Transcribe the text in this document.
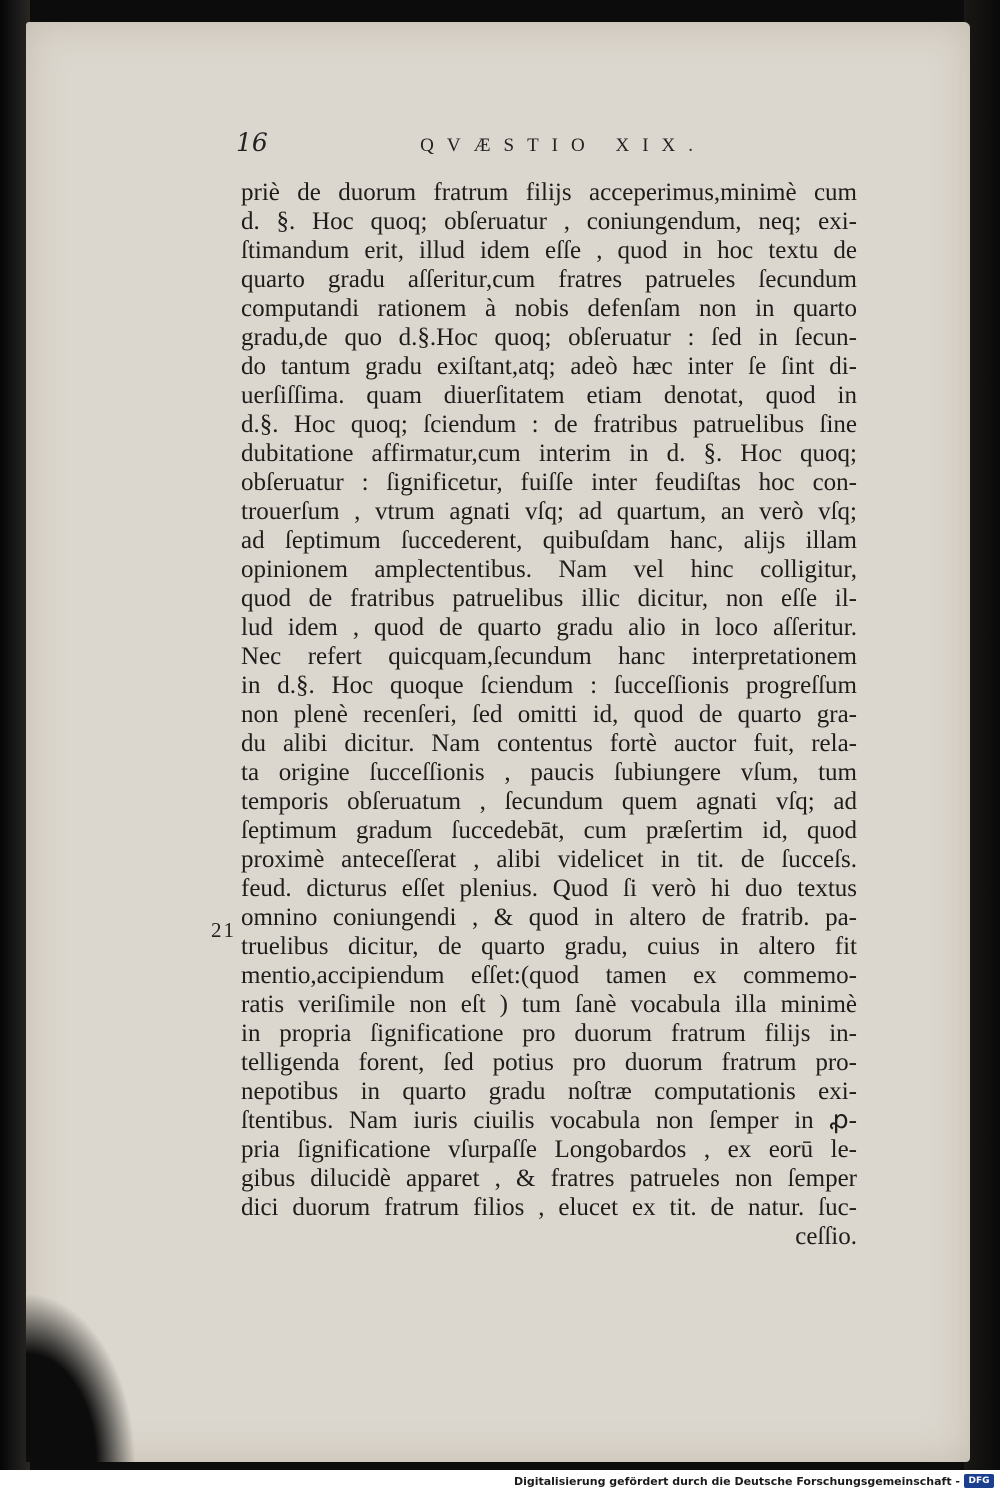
16	QVÆSTIO XIX.
21
priè de duorum fratrum filijs acceperimus,minimè cum
d. §. Hoc quoq; obſeruatur , coniungendum, neq; exi-
ſtimandum erit, illud idem eſſe , quod in hoc textu de
quarto gradu aſſeritur,cum fratres patrueles ſecundum
computandi rationem à nobis defenſam non in quarto
gradu,de quo d.§.Hoc quoq; obſeruatur : ſed in ſecun-
do tantum gradu exiſtant,atq; adeò hæc inter ſe ſint di-
uerſiſſima. quam diuerſitatem etiam denotat, quod in
d.§. Hoc quoq; ſciendum : de fratribus patruelibus ſine
dubitatione affirmatur,cum interim in d. §. Hoc quoq;
obſeruatur : ſignificetur, fuiſſe inter feudiſtas hoc con-
trouerſum , vtrum agnati vſq; ad quartum, an verò vſq;
ad ſeptimum ſuccederent, quibuſdam hanc, alijs illam
opinionem amplectentibus. Nam vel hinc colligitur,
quod de fratribus patruelibus illic dicitur, non eſſe il-
lud idem , quod de quarto gradu alio in loco aſſeritur.
Nec refert quicquam,ſecundum hanc interpretationem
in d.§. Hoc quoque ſciendum : ſucceſſionis progreſſum
non plenè recenſeri, ſed omitti id, quod de quarto gra-
du alibi dicitur. Nam contentus fortè auctor fuit, rela-
ta origine ſucceſſionis , paucis ſubiungere vſum, tum
temporis obſeruatum , ſecundum quem agnati vſq; ad
ſeptimum gradum ſuccedebāt, cum præſertim id, quod
proximè anteceſſerat , alibi videlicet in tit. de ſucceſs.
feud. dicturus eſſet plenius. Quod ſi verò hi duo textus
omnino coniungendi , & quod in altero de fratrib. pa-
truelibus dicitur, de quarto gradu, cuius in altero fit
mentio,accipiendum eſſet:(quod tamen ex commemo-
ratis veriſimile non eſt ) tum ſanè vocabula illa minimè
in propria ſignificatione pro duorum fratrum filijs in-
telligenda forent, ſed potius pro duorum fratrum pro-
nepotibus in quarto gradu noſtræ computationis exi-
ſtentibus. Nam iuris ciuilis vocabula non ſemper in ꝓ-
pria ſignificatione vſurpaſſe Longobardos , ex eorū le-
gibus dilucidè apparet , & fratres patrueles non ſemper
dici duorum fratrum filios , elucet ex tit. de natur. ſuc-
ceſſio.
Digitalisierung gefördert durch die Deutsche Forschungsgemeinschaft - DFG
